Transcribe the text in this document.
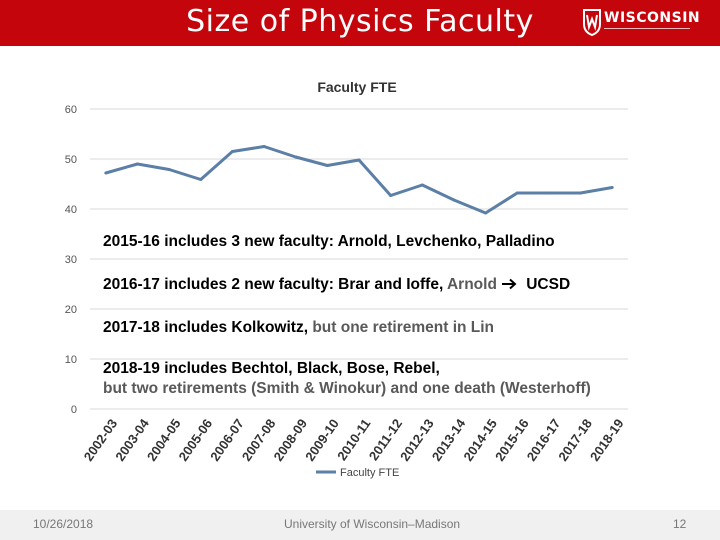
Size of Physics Faculty	WISCONSIN
Faculty FTE
60
50
40
30
20
10
0
2002-03
2003-04
2004-05
2005-06
2006-07
2007-08
2008-09
2009-10
2010-11
2011-12
2012-13
2013-14
2014-15
2015-16
2016-17
2017-18
2018-19
Faculty FTE
2015-16 includes 3 new faculty: Arnold, Levchenko, Palladino
2016-17 includes 2 new faculty: Brar and Ioffe, Arnold UCSD
2017-18 includes Kolkowitz, but one retirement in Lin
2018-19 includes Bechtol, Black, Bose, Rebel,
but two retirements (Smith & Winokur) and one death (Westerhoff)
10/26/2018	University of Wisconsin–Madison	12
